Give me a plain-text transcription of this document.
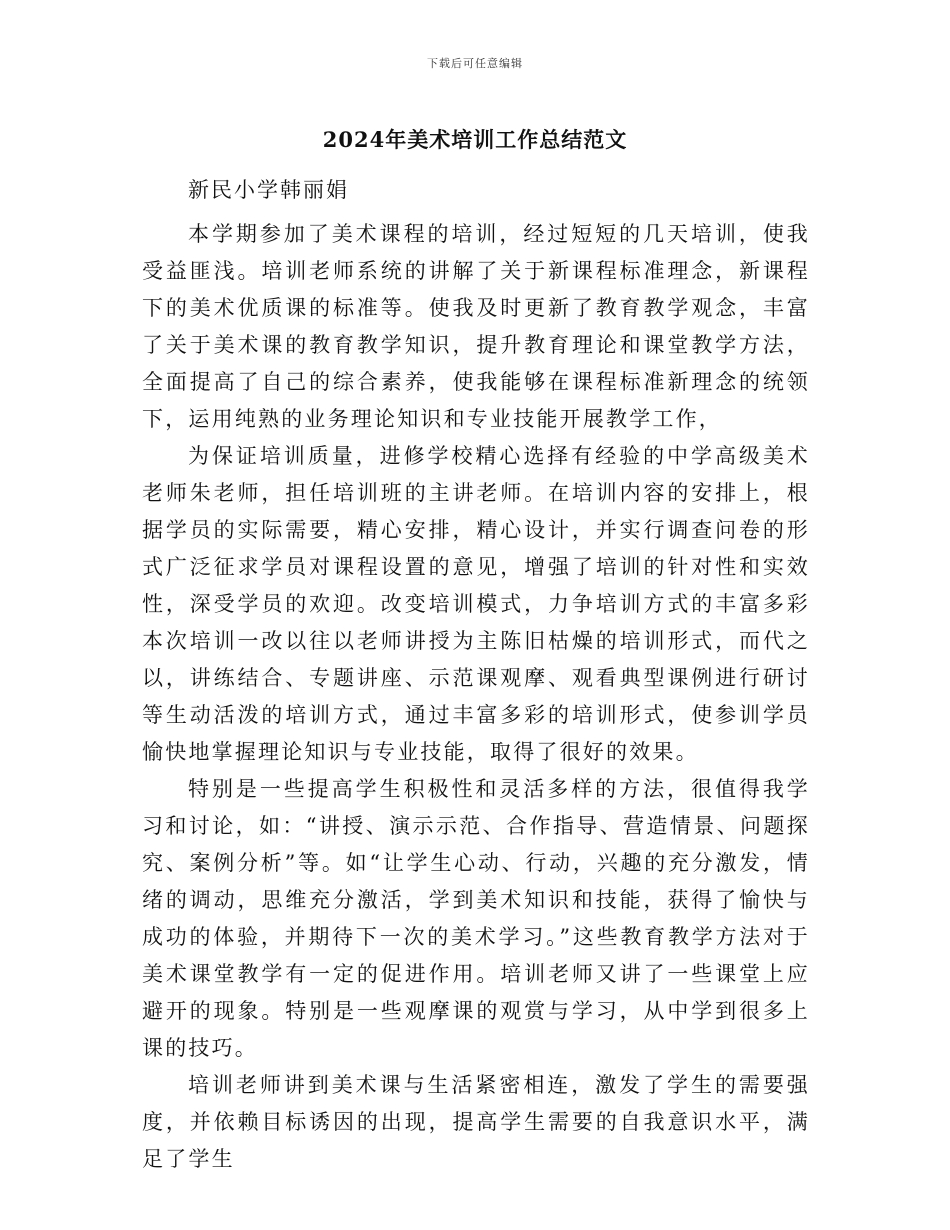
下载后可任意编辑
2024年美术培训工作总结范文
新民小学韩丽娟

本学期参加了美术课程的培训，经过短短的几天培训，使我受益匪浅。培训老师系统的讲解了关于新课程标准理念，新课程下的美术优质课的标准等。使我及时更新了教育教学观念，丰富了关于美术课的教育教学知识，提升教育理论和课堂教学方法，全面提高了自己的综合素养，使我能够在课程标准新理念的统领下，运用纯熟的业务理论知识和专业技能开展教学工作，

为保证培训质量，进修学校精心选择有经验的中学高级美术老师朱老师，担任培训班的主讲老师。在培训内容的安排上，根据学员的实际需要，精心安排，精心设计，并实行调查问卷的形式广泛征求学员对课程设置的意见，增强了培训的针对性和实效性，深受学员的欢迎。改变培训模式，力争培训方式的丰富多彩本次培训一改以往以老师讲授为主陈旧枯燥的培训形式，而代之以，讲练结合、专题讲座、示范课观摩、观看典型课例进行研讨等生动活泼的培训方式，通过丰富多彩的培训形式，使参训学员愉快地掌握理论知识与专业技能，取得了很好的效果。

特别是一些提高学生积极性和灵活多样的方法，很值得我学习和讨论，如：“讲授、演示示范、合作指导、营造情景、问题探究、案例分析”等。如“让学生心动、行动，兴趣的充分激发，情绪的调动，思维充分激活，学到美术知识和技能，获得了愉快与成功的体验，并期待下一次的美术学习。”这些教育教学方法对于美术课堂教学有一定的促进作用。培训老师又讲了一些课堂上应避开的现象。特别是一些观摩课的观赏与学习，从中学到很多上课的技巧。

培训老师讲到美术课与生活紧密相连，激发了学生的需要强度，并依赖目标诱因的出现，提高学生需要的自我意识水平，满足了学生
